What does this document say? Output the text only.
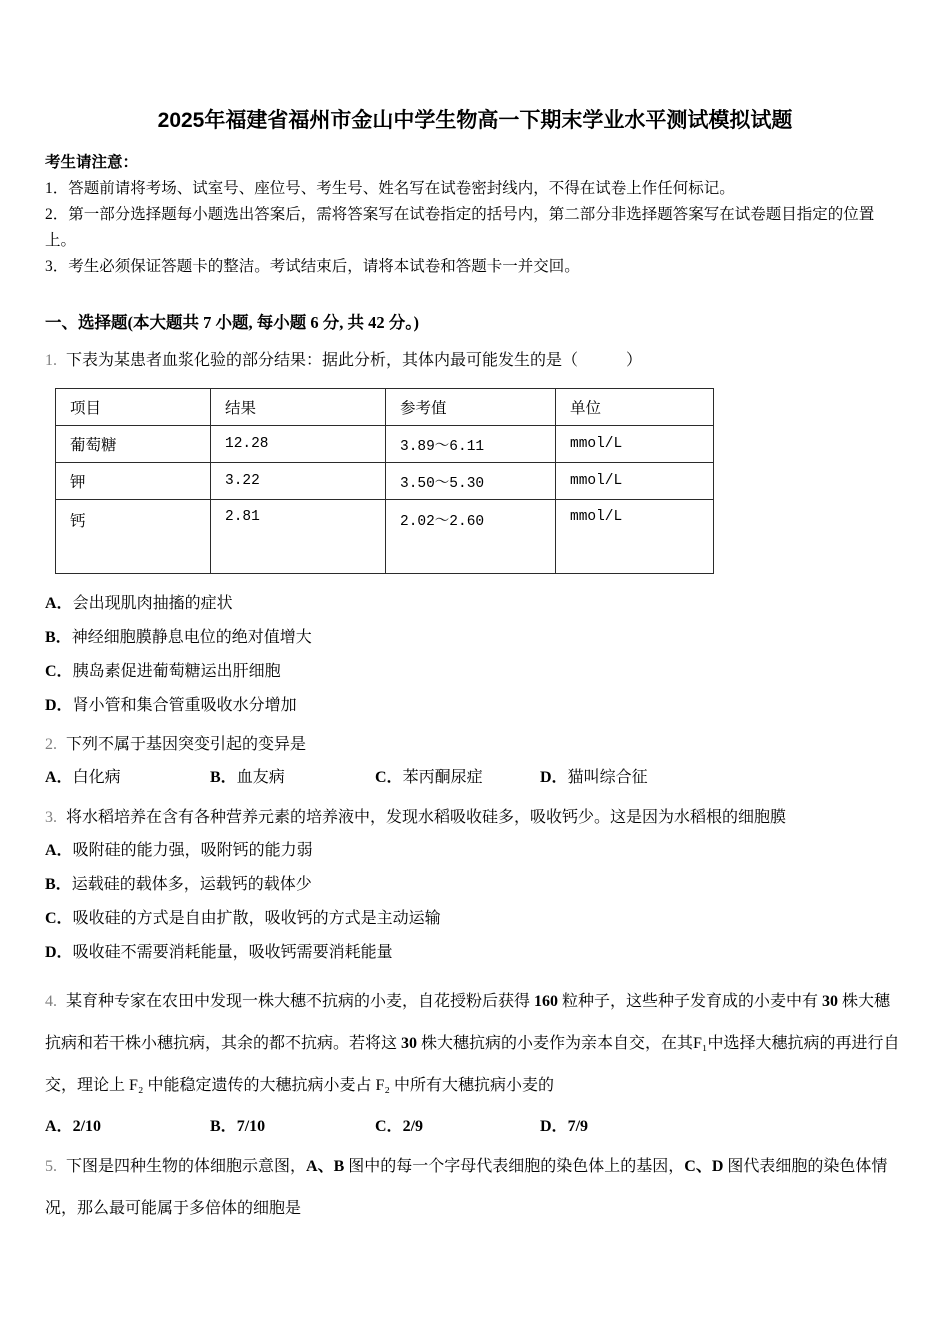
2025年福建省福州市金山中学生物高一下期末学业水平测试模拟试题

考生请注意：

1．答题前请将考场、试室号、座位号、考生号、姓名写在试卷密封线内，不得在试卷上作任何标记。

2．第一部分选择题每小题选出答案后，需将答案写在试卷指定的括号内，第二部分非选择题答案写在试卷题目指定的位置上。

3．考生必须保证答题卡的整洁。考试结束后，请将本试卷和答题卡一并交回。

一、选择题(本大题共 7 小题, 每小题 6 分, 共 42 分。)

1. 下表为某患者血浆化验的部分结果：据此分析，其体内最可能发生的是（　　　）

项目	结果	参考值	单位
葡萄糖	12.28	3.89～6.11	mmol/L
钾	3.22	3.50～5.30	mmol/L
钙	2.81	2.02～2.60	mmol/L

A．会出现肌肉抽搐的症状

B．神经细胞膜静息电位的绝对值增大

C．胰岛素促进葡萄糖运出肝细胞

D．肾小管和集合管重吸收水分增加

2. 下列不属于基因突变引起的变异是

A．白化病	B．血友病	C．苯丙酮尿症	D．猫叫综合征

3. 将水稻培养在含有各种营养元素的培养液中，发现水稻吸收硅多，吸收钙少。这是因为水稻根的细胞膜

A．吸附硅的能力强，吸附钙的能力弱

B．运载硅的载体多，运载钙的载体少

C．吸收硅的方式是自由扩散，吸收钙的方式是主动运输

D．吸收硅不需要消耗能量，吸收钙需要消耗能量

4. 某育种专家在农田中发现一株大穗不抗病的小麦，自花授粉后获得 160 粒种子，这些种子发育成的小麦中有 30 株大穗抗病和若干株小穗抗病，其余的都不抗病。若将这 30 株大穗抗病的小麦作为亲本自交，在其F₁中选择大穗抗病的再进行自交，理论上 F₂ 中能稳定遗传的大穗抗病小麦占 F₂ 中所有大穗抗病小麦的

A．2/10	B．7/10	C．2/9	D．7/9

5. 下图是四种生物的体细胞示意图，A、B 图中的每一个字母代表细胞的染色体上的基因，C、D 图代表细胞的染色体情况，那么最可能属于多倍体的细胞是
